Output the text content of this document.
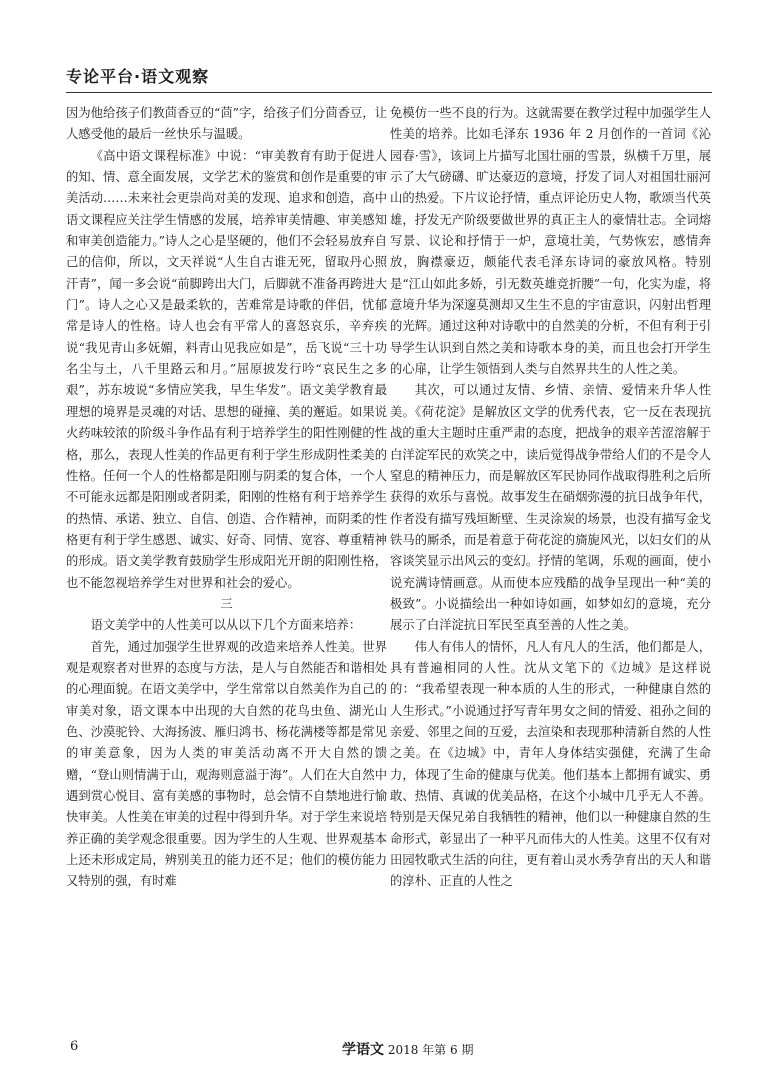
专论平台·语文观察

因为他给孩子们教茴香豆的“茴”字，给孩子们分茴香豆，让人感受他的最后一丝快乐与温暖。

《高中语文课程标准》中说：“审美教育有助于促进人的知、情、意全面发展，文学艺术的鉴赏和创作是重要的审美活动……未来社会更崇尚对美的发现、追求和创造，高中语文课程应关注学生情感的发展，培养审美情趣、审美感知和审美创造能力。”诗人之心是坚硬的，他们不会轻易放弃自己的信仰，所以，文天祥说“人生自古谁无死，留取丹心照汗青”，闻一多会说“前脚跨出大门，后脚就不准备再跨进大门”。诗人之心又是最柔软的，苦难常是诗歌的伴侣，忧郁常是诗人的性格。诗人也会有平常人的喜怒哀乐，辛弃疾说“我见青山多妩媚，料青山见我应如是”，岳飞说“三十功名尘与土，八千里路云和月。”屈原披发行吟“哀民生之多艰”，苏东坡说“多情应笑我，早生华发”。语文美学教育最理想的境界是灵魂的对话、思想的碰撞、美的邂逅。如果说火药味较浓的阶级斗争作品有利于培养学生的阳性刚健的性格，那么，表现人性美的作品更有利于学生形成阴性柔美的性格。任何一个人的性格都是阳刚与阴柔的复合体，一个人不可能永远都是阳刚或者阴柔，阳刚的性格有利于培养学生的热情、承诺、独立、自信、创造、合作精神，而阴柔的性格更有利于学生感恩、诚实、好奇、同情、宽容、尊重精神的形成。语文美学教育鼓励学生形成阳光开朗的阳刚性格，也不能忽视培养学生对世界和社会的爱心。

三

语文美学中的人性美可以从以下几个方面来培养：

首先，通过加强学生世界观的改造来培养人性美。世界观是观察者对世界的态度与方法，是人与自然能否和谐相处的心理面貌。在语文美学中，学生常常以自然美作为自己的审美对象，语文课本中出现的大自然的花鸟虫鱼、湖光山色、沙漠驼铃、大海扬波、雁归鸿书、杨花满楼等都是常见的审美意象，因为人类的审美活动离不开大自然的馈赠，“登山则情满于山，观海则意溢于海”。人们在大自然中遇到赏心悦目、富有美感的事物时，总会情不自禁地进行愉快审美。人性美在审美的过程中得到升华。对于学生来说培养正确的美学观念很重要。因为学生的人生观、世界观基本上还未形成定局，辨别美丑的能力还不足；他们的模仿能力又特别的强，有时难

免模仿一些不良的行为。这就需要在教学过程中加强学生人性美的培养。比如毛泽东 1936 年 2 月创作的一首词《沁园春·雪》，该词上片描写北国壮丽的雪景，纵横千万里，展示了大气磅礴、旷达豪迈的意境，抒发了词人对祖国壮丽河山的热爱。下片议论抒情，重点评论历史人物，歌颂当代英雄，抒发无产阶级要做世界的真正主人的豪情壮志。全词熔写景、议论和抒情于一炉，意境壮美，气势恢宏，感情奔放，胸襟豪迈，颇能代表毛泽东诗词的豪放风格。特别是“江山如此多娇，引无数英雄竞折腰”一句，化实为虚，将意境升华为深邃莫测却又生生不息的宇宙意识，闪射出哲理的光辉。通过这种对诗歌中的自然美的分析，不但有利于引导学生认识到自然之美和诗歌本身的美，而且也会打开学生的心扉，让学生领悟到人类与自然界共生的人性之美。

其次，可以通过友情、乡情、亲情、爱情来升华人性美。《荷花淀》是解放区文学的优秀代表，它一反在表现抗战的重大主题时庄重严肃的态度，把战争的艰辛苦涩溶解于白洋淀军民的欢笑之中，读后觉得战争带给人们的不是令人窒息的精神压力，而是解放区军民协同作战取得胜利之后所获得的欢乐与喜悦。故事发生在硝烟弥漫的抗日战争年代，作者没有描写残垣断壁、生灵涂炭的场景，也没有描写金戈铁马的厮杀，而是着意于荷花淀的旖旎风光，以妇女们的从容谈笑显示出风云的变幻。抒情的笔调，乐观的画面，使小说充满诗情画意。从而使本应残酷的战争呈现出一种“美的极致”。小说描绘出一种如诗如画，如梦如幻的意境，充分展示了白洋淀抗日军民至真至善的人性之美。

伟人有伟人的情怀，凡人有凡人的生活，他们都是人，具有普遍相同的人性。沈从文笔下的《边城》是这样说的：“我希望表现一种本质的人生的形式，一种健康自然的人生形式。”小说通过抒写青年男女之间的情爱、祖孙之间的亲爱、邻里之间的互爱，去渲染和表现那种清新自然的人性之美。在《边城》中，青年人身体结实强健，充满了生命力，体现了生命的健康与优美。他们基本上都拥有诚实、勇敢、热情、真诚的优美品格，在这个小城中几乎无人不善。特别是天保兄弟自我牺牲的精神，他们以一种健康自然的生命形式，彰显出了一种平凡而伟大的人性美。这里不仅有对田园牧歌式生活的向往，更有着山灵水秀孕育出的天人和谐的淳朴、正直的人性之

6	学语文 2018 年第 6 期
